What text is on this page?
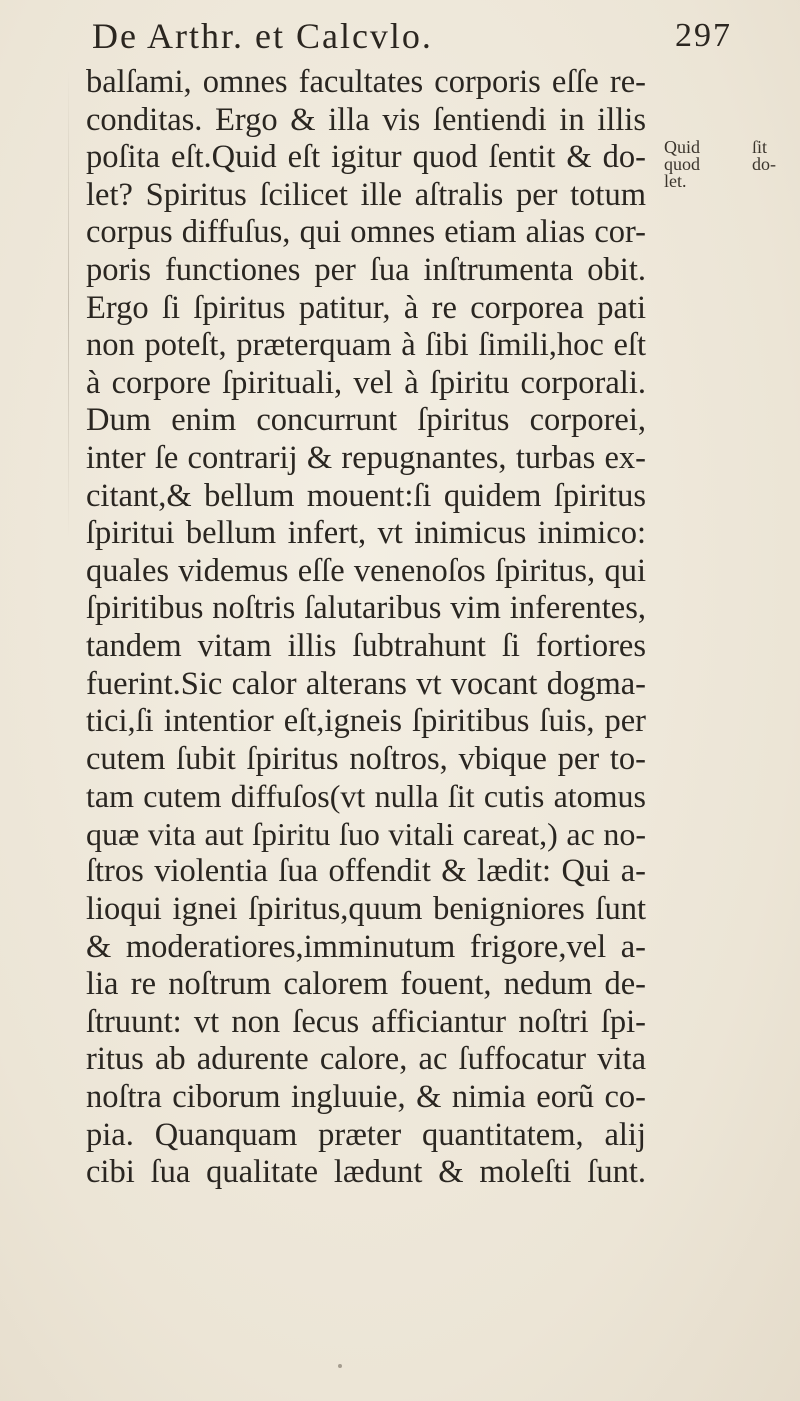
De Arthr. et Calcvlo.	297
balſami, omnes facultates corporis eſſe re-
conditas. Ergo & illa vis ſentiendi in illis
poſita eſt.Quid eſt igitur quod ſentit & do-
let? Spiritus ſcilicet ille aſtralis per totum
corpus diffuſus, qui omnes etiam alias cor-
poris functiones per ſua inſtrumenta obit.
Ergo ſi ſpiritus patitur, à re corporea pati
non poteſt, præterquam à ſibi ſimili,hoc eſt
à corpore ſpirituali, vel à ſpiritu corporali.
Dum enim concurrunt ſpiritus corporei,
inter ſe contrarij & repugnantes, turbas ex-
citant,& bellum mouent:ſi quidem ſpiritus
ſpiritui bellum infert, vt inimicus inimico:
quales videmus eſſe venenoſos ſpiritus, qui
ſpiritibus noſtris ſalutaribus vim inferentes,
tandem vitam illis ſubtrahunt ſi fortiores
fuerint.Sic calor alterans vt vocant dogma-
tici,ſi intentior eſt,igneis ſpiritibus ſuis, per
cutem ſubit ſpiritus noſtros, vbique per to-
tam cutem diffuſos(vt nulla ſit cutis atomus
quæ vita aut ſpiritu ſuo vitali careat,) ac no-
ſtros violentia ſua offendit & lædit: Qui a-
lioqui ignei ſpiritus,quum benigniores ſunt
& moderatiores,imminutum frigore,vel a-
lia re noſtrum calorem fouent, nedum de-
ſtruunt: vt non ſecus afficiantur noſtri ſpi-
ritus ab adurente calore, ac ſuffocatur vita
noſtra ciborum ingluuie, & nimia eorũ co-
pia. Quanquam præter quantitatem, alij
cibi ſua qualitate lædunt & moleſti ſunt.
Quid
quod
let.
ſit
do-
